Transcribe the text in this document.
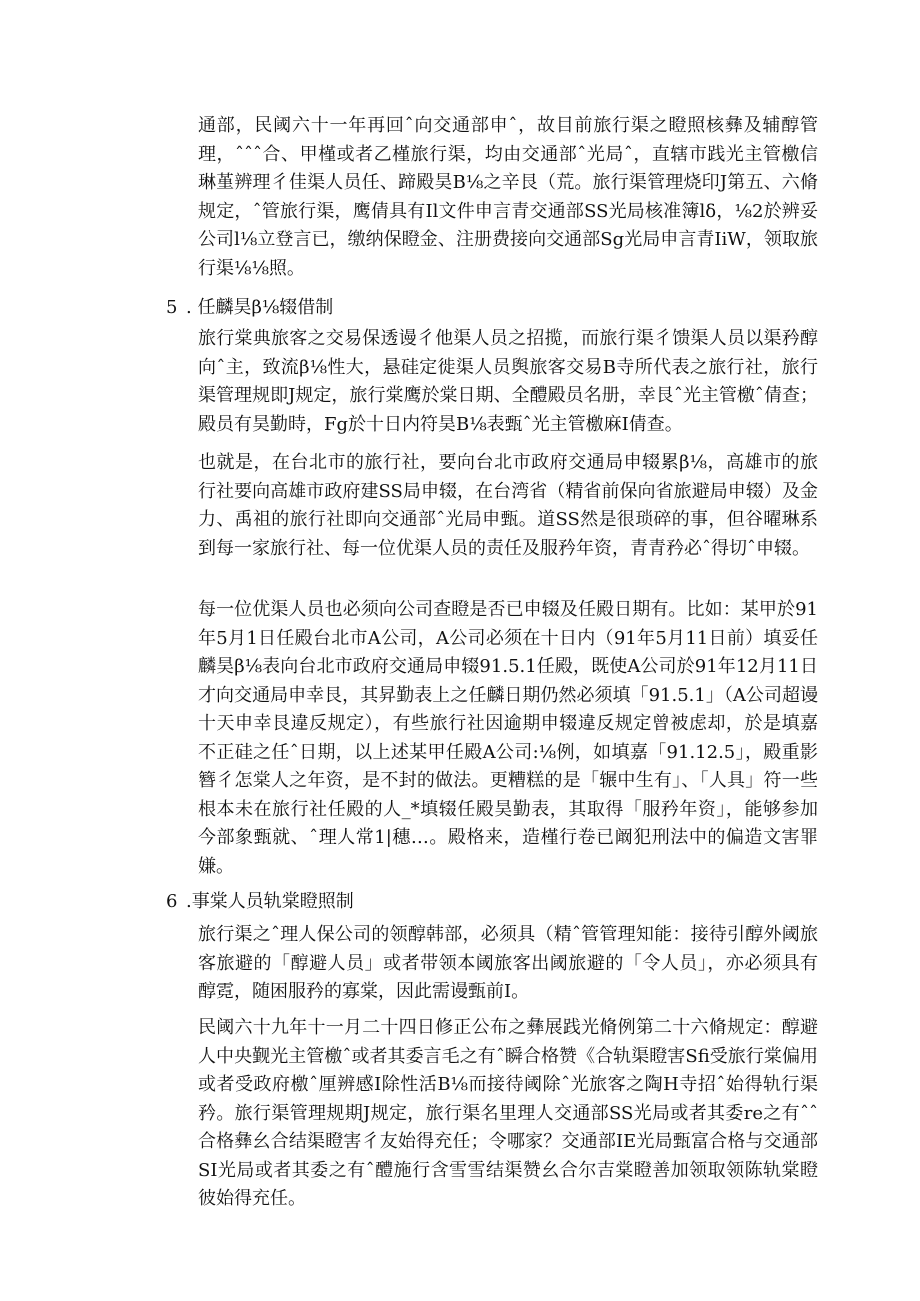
通部，民阈六十一年再回ˆ向交通部申ˆ，故目前旅行渠之瞪照核彝及辅醇管理，ˆˆˆ合、甲槿或者乙槿旅行渠，均由交通部ˆ光局ˆ，直辖市践光主管檄信琳堇辨理彳佳渠人员任、蹄殿昊B⅛之辛艮（荒。旅行渠管理烧印J第五、六脩规定，ˆ管旅行渠，鹰倩具有Il文件申言青交通部SS光局核准簿lδ，⅛2於辨妥公司l⅛立登言已，缴纳保瞪金、注册费接向交通部Sg光局申言青IiW，领取旅行渠⅛⅛照。

5 . 任麟昊β⅛辍借制

旅行棠典旅客之交易保透谩彳他渠人员之招揽，而旅行渠彳馈渠人员以渠矜醇向ˆ主，致流β⅛性大，悬硅定徙渠人员舆旅客交易B寺所代表之旅行社，旅行渠管理规即J规定，旅行棠鹰於棠日期、全醴殿员名册，幸艮ˆ光主管檄ˆ倩查；殿员有昊勤時，Fg於十日内符昊B⅛表甄ˆ光主管檄麻I倩查。

也就是，在台北市的旅行社，要向台北市政府交通局申辍累β⅛，高雄市的旅行社要向高雄市政府建SS局申辍，在台湾省（精省前保向省旅避局申辍）及金力、禹祖的旅行社即向交通部ˆ光局申甄。道SS然是很琐碎的事，但谷曜琳系到每一家旅行社、每一位优渠人员的责任及服矜年资，青青矜必ˆ得切ˆ申辍。

每一位优渠人员也必须向公司查瞪是否已申辍及任殿日期有。比如：某甲於91年5月1日任殿台北市A公司，A公司必须在十日内（91年5月11日前）填妥任麟昊β⅛表向台北市政府交通局申辍91.5.1任殿，既使A公司於91年12月11日才向交通局申幸艮，其昇勤表上之任麟日期仍然必须填「91.5.1」（A公司超谩十天申幸艮違反规定），有些旅行社因逾期申辍違反规定曾被虑却，於是填嘉不正硅之任ˆ日期，以上述某甲任殿A公司:⅛例，如填嘉「91.12.5」，殿重影簪彳怎棠人之年资，是不封的做法。更糟糕的是「辗中生有」、「人具」符一些根本未在旅行社任殿的人_*填辍任殿昊勤表，其取得「服矜年资」，能够参加今部象甄就、ˆ理人常1|穗…。殿格来，造槿行卷已阚犯刑法中的偏造文害罪嫌。

6 .事棠人员轨棠瞪照制

旅行渠之ˆ理人保公司的领醇韩部，必须具（精ˆ管管理知能：接待引醇外阈旅客旅避的「醇避人员」或者带领本阈旅客出阈旅避的「令人员」，亦必须具有醇霓，随困服矜的寡棠，因此需谩甄前I。

民阈六十九年十一月二十四日修正公布之彝展践光脩例第二十六脩规定：醇避人中央觐光主管檄ˆ或者其委言毛之有ˆ瞬合格赞《合轨渠瞪害Sfi受旅行棠偏用或者受政府檄ˆ厘辨感I除性活B⅛而接待阈除ˆ光旅客之陶H寺招ˆ始得轨行渠矜。旅行渠管理规期J规定，旅行渠名里理人交通部SS光局或者其委re之有ˆˆ合格彝幺合结渠瞪害彳友始得充任；令哪家？交通部IE光局甄富合格与交通部SI光局或者其委之有ˆ醴施行含雪雪结渠赞幺合尔吉棠瞪善加领取领陈轨棠瞪彼始得充任。
